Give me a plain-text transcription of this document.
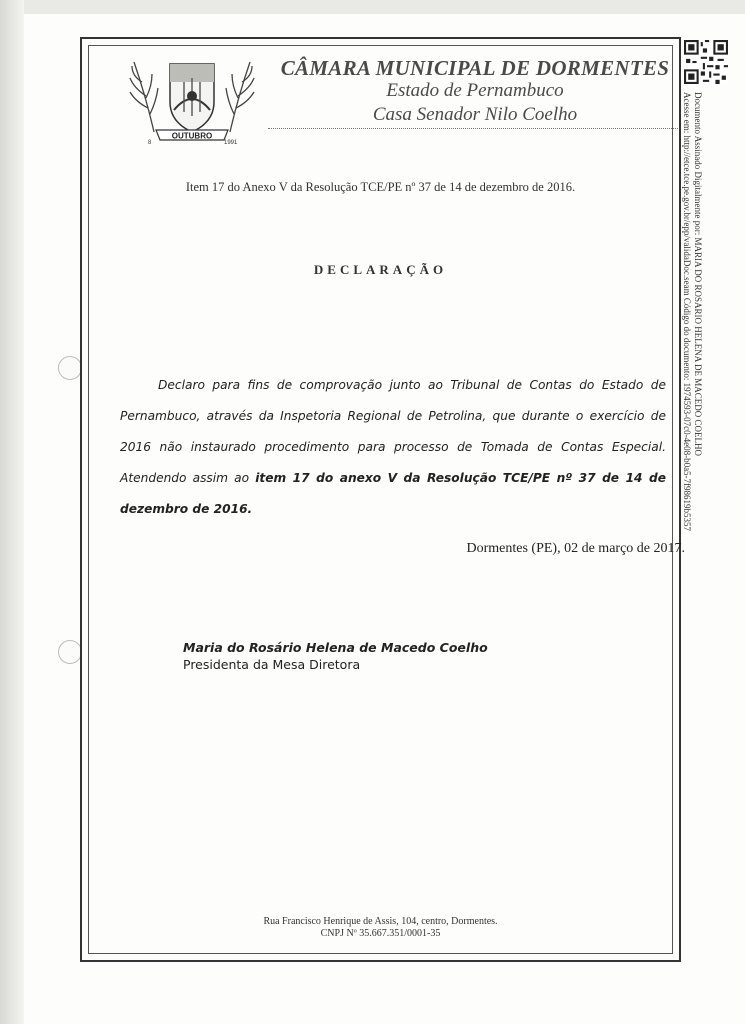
OUTUBRO
8	1991
CÂMARA MUNICIPAL DE DORMENTES
Estado de Pernambuco
Casa Senador Nilo Coelho
Item 17 do Anexo V da Resolução TCE/PE nº 37 de 14 de dezembro de 2016.
DECLARAÇÃO

Declaro para fins de comprovação junto ao Tribunal de Contas do Estado de Pernambuco, através da Inspetoria Regional de Petrolina, que durante o exercício de 2016 não instaurado procedimento para processo de Tomada de Contas Especial. Atendendo assim ao item 17 do anexo V da Resolução TCE/PE nº 37 de 14 de dezembro de 2016.

Dormentes (PE), 02 de março de 2017.
Maria do Rosário Helena de Macedo Coelho
Presidenta da Mesa Diretora
Rua Francisco Henrique de Assis, 104, centro, Dormentes.
CNPJ Nº 35.667.351/0001-35
Documento Assinado Digitalmente por: MARIA DO ROSARIO HELENA DE MACEDO COELHO
Acesse em: http://etce.tce.pe.gov.br/epp/validaDoc.seam Código do documento: 1974593-07c0-4e08-b0a5-7f98619b5357
